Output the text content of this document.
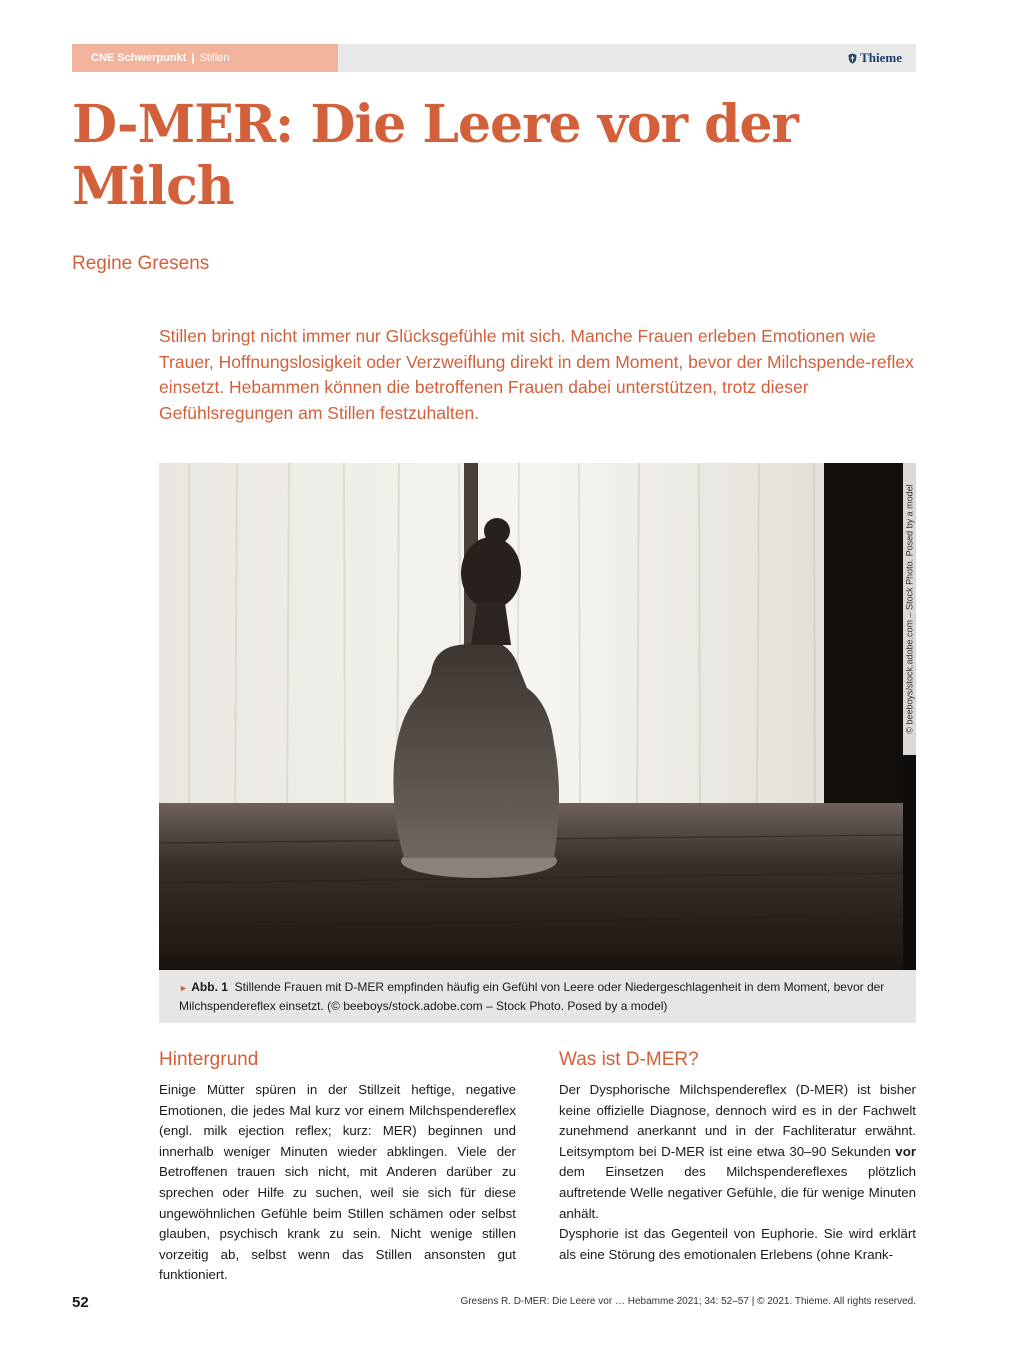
CNE Schwerpunkt | Stillen	Thieme
D-MER: Die Leere vor der
Milch
Regine Gresens

Stillen bringt nicht immer nur Glücksgefühle mit sich. Manche Frauen erleben Emotionen wie Trauer, Hoffnungslosigkeit oder Verzweiflung direkt in dem Moment, bevor der Milchspende-reflex einsetzt. Hebammen können die betroffenen Frauen dabei unterstützen, trotz dieser Gefühlsregungen am Stillen festzuhalten.

© beeboys/stock.adobe.com – Stock Photo. Posed by a model

► Abb. 1 Stillende Frauen mit D-MER empfinden häufig ein Gefühl von Leere oder Niedergeschlagenheit in dem Moment, bevor der Milchspendereflex einsetzt. (© beeboys/stock.adobe.com – Stock Photo. Posed by a model)

Hintergrund

Einige Mütter spüren in der Stillzeit heftige, negative Emotionen, die jedes Mal kurz vor einem Milchspendereflex (engl. milk ejection reflex; kurz: MER) beginnen und innerhalb weniger Minuten wieder abklingen. Viele der Betroffenen trauen sich nicht, mit Anderen darüber zu sprechen oder Hilfe zu suchen, weil sie sich für diese ungewöhnlichen Gefühle beim Stillen schämen oder selbst glauben, psychisch krank zu sein. Nicht wenige stillen vorzeitig ab, selbst wenn das Stillen ansonsten gut funktioniert.

Was ist D-MER?

Der Dysphorische Milchspendereflex (D-MER) ist bisher keine offizielle Diagnose, dennoch wird es in der Fachwelt zunehmend anerkannt und in der Fachliteratur erwähnt. Leitsymptom bei D-MER ist eine etwa 30–90 Sekunden vor dem Einsetzen des Milchspendereflexes plötzlich auftretende Welle negativer Gefühle, die für wenige Minuten anhält.

Dysphorie ist das Gegenteil von Euphorie. Sie wird erklärt als eine Störung des emotionalen Erlebens (ohne Krank-

52	Gresens R. D-MER: Die Leere vor … Hebamme 2021; 34: 52–57 | © 2021. Thieme. All rights reserved.
